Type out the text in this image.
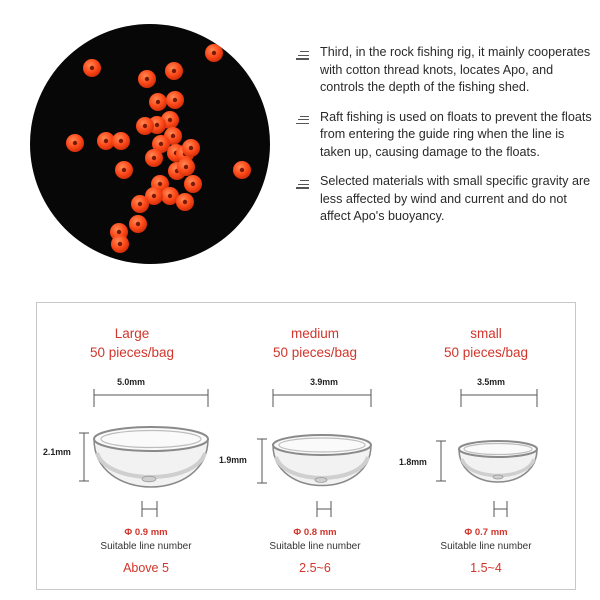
Third, in the rock fishing rig, it mainly cooperates with cotton thread knots, locates Apo, and controls the depth of the fishing shed.
Raft fishing is used on floats to prevent the floats from entering the guide ring when the line is taken up, causing damage to the floats.
Selected materials with small specific gravity are less affected by wind and current and do not affect Apo's buoyancy.
Large
50 pieces/bag
5.0mm
2.1mm
Φ 0.9 mm
Suitable line number
Above 5
medium
50 pieces/bag
3.9mm
1.9mm
Φ 0.8 mm
Suitable line number
2.5~6
small
50 pieces/bag
3.5mm
1.8mm
Φ 0.7 mm
Suitable line number
1.5~4
